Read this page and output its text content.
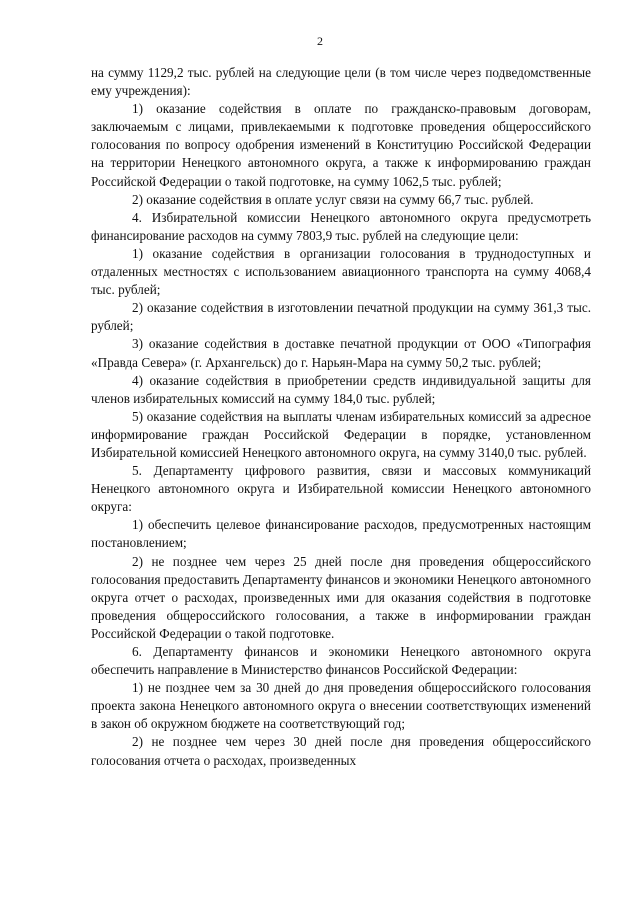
2

на сумму 1129,2 тыс. рублей на следующие цели (в том числе через подведомственные ему учреждения):

1) оказание содействия в оплате по гражданско-правовым договорам, заключаемым с лицами, привлекаемыми к подготовке проведения общероссийского голосования по вопросу одобрения изменений в Конституцию Российской Федерации на территории Ненецкого автономного округа, а также к информированию граждан Российской Федерации о такой подготовке, на сумму 1062,5 тыс. рублей;

2) оказание содействия в оплате услуг связи на сумму 66,7 тыс. рублей.

4. Избирательной комиссии Ненецкого автономного округа предусмотреть финансирование расходов на сумму 7803,9 тыс. рублей на следующие цели:

1) оказание содействия в организации голосования в труднодоступных и отдаленных местностях с использованием авиационного транспорта на сумму 4068,4 тыс. рублей;

2) оказание содействия в изготовлении печатной продукции на сумму 361,3 тыс. рублей;

3) оказание содействия в доставке печатной продукции от ООО «Типография «Правда Севера» (г. Архангельск) до г. Нарьян-Мара на сумму 50,2 тыс. рублей;

4) оказание содействия в приобретении средств индивидуальной защиты для членов избирательных комиссий на сумму 184,0 тыс. рублей;

5) оказание содействия на выплаты членам избирательных комиссий за адресное информирование граждан Российской Федерации в порядке, установленном Избирательной комиссией Ненецкого автономного округа, на сумму 3140,0 тыс. рублей.

5. Департаменту цифрового развития, связи и массовых коммуникаций Ненецкого автономного округа и Избирательной комиссии Ненецкого автономного округа:

1) обеспечить целевое финансирование расходов, предусмотренных настоящим постановлением;

2) не позднее чем через 25 дней после дня проведения общероссийского голосования предоставить Департаменту финансов и экономики Ненецкого автономного округа отчет о расходах, произведенных ими для оказания содействия в подготовке проведения общероссийского голосования, а также в информировании граждан Российской Федерации о такой подготовке.

6. Департаменту финансов и экономики Ненецкого автономного округа обеспечить направление в Министерство финансов Российской Федерации:

1) не позднее чем за 30 дней до дня проведения общероссийского голосования проекта закона Ненецкого автономного округа о внесении соответствующих изменений в закон об окружном бюджете на соответствующий год;

2) не позднее чем через 30 дней после дня проведения общероссийского голосования отчета о расходах, произведенных
